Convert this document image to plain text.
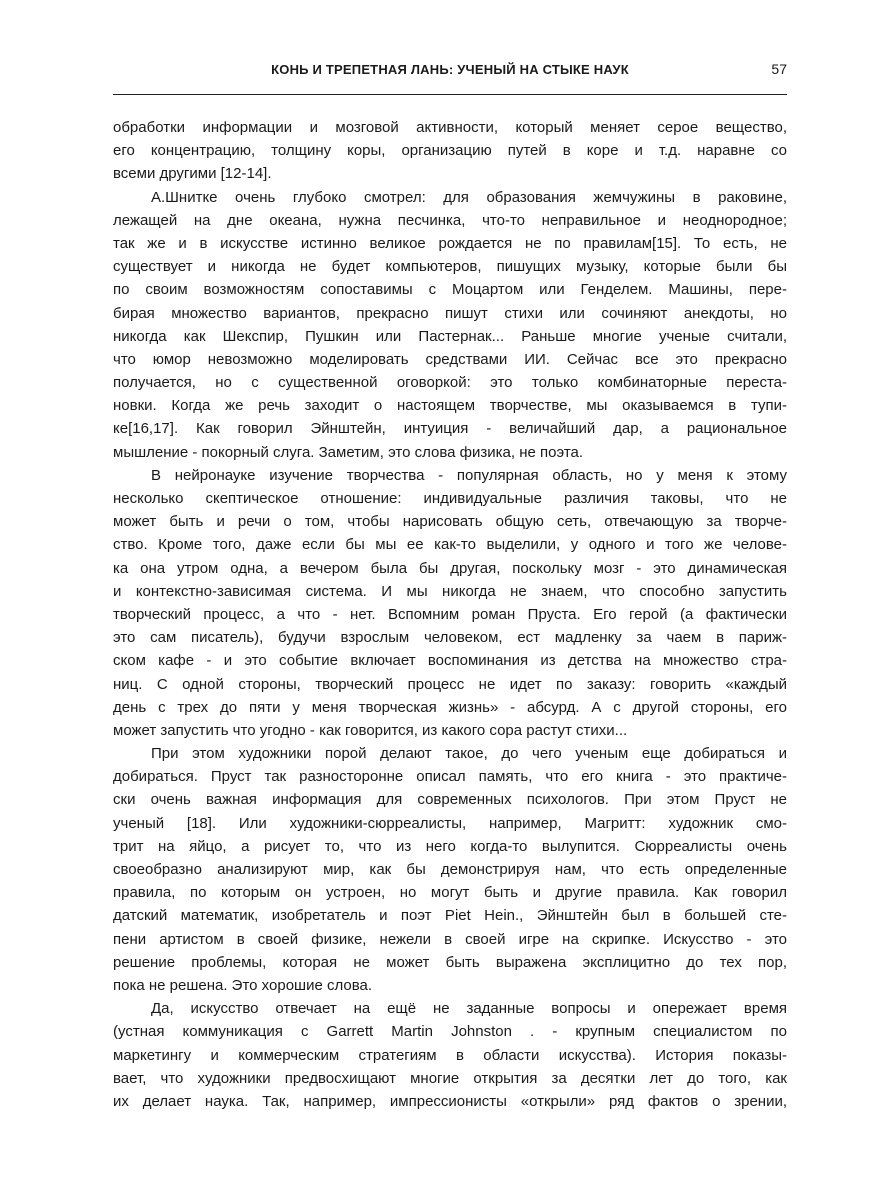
КОНЬ И ТРЕПЕТНАЯ ЛАНЬ: УЧЕНЫЙ НА СТЫКЕ НАУК	57
обработки информации и мозговой активности, который меняет серое вещество,
его концентрацию, толщину коры, организацию путей в коре и т.д. наравне со
всеми другими [12-14].
А.Шнитке очень глубоко смотрел: для образования жемчужины в раковине,
лежащей на дне океана, нужна песчинка, что-то неправильное и неоднородное;
так же и в искусстве истинно великое рождается не по правилам[15]. То есть, не
существует и никогда не будет компьютеров, пишущих музыку, которые были бы
по своим возможностям сопоставимы с Моцартом или Генделем. Машины, пере-
бирая множество вариантов, прекрасно пишут стихи или сочиняют анекдоты, но
никогда как Шекспир, Пушкин или Пастернак... Раньше многие ученые считали,
что юмор невозможно моделировать средствами ИИ. Сейчас все это прекрасно
получается, но с существенной оговоркой: это только комбинаторные переста-
новки. Когда же речь заходит о настоящем творчестве, мы оказываемся в тупи-
ке[16,17]. Как говорил Эйнштейн, интуиция - величайший дар, а рациональное
мышление - покорный слуга. Заметим, это слова физика, не поэта.
В нейронауке изучение творчества - популярная область, но у меня к этому
несколько скептическое отношение: индивидуальные различия таковы, что не
может быть и речи о том, чтобы нарисовать общую сеть, отвечающую за творче-
ство. Кроме того, даже если бы мы ее как-то выделили, у одного и того же челове-
ка она утром одна, а вечером была бы другая, поскольку мозг - это динамическая
и контекстно-зависимая система. И мы никогда не знаем, что способно запустить
творческий процесс, а что - нет. Вспомним роман Пруста. Его герой (а фактически
это сам писатель), будучи взрослым человеком, ест мадленку за чаем в париж-
ском кафе - и это событие включает воспоминания из детства на множество стра-
ниц. С одной стороны, творческий процесс не идет по заказу: говорить «каждый
день с трех до пяти у меня творческая жизнь» - абсурд. А с другой стороны, его
может запустить что угодно - как говорится, из какого сора растут стихи...
При этом художники порой делают такое, до чего ученым еще добираться и
добираться. Пруст так разносторонне описал память, что его книга - это практиче-
ски очень важная информация для современных психологов. При этом Пруст не
ученый [18]. Или художники-сюрреалисты, например, Магритт: художник смо-
трит на яйцо, а рисует то, что из него когда-то вылупится. Сюрреалисты очень
своеобразно анализируют мир, как бы демонстрируя нам, что есть определенные
правила, по которым он устроен, но могут быть и другие правила. Как говорил
датский математик, изобретатель и поэт Piet Hein., Эйнштейн был в большей сте-
пени артистом в своей физике, нежели в своей игре на скрипке. Искусство - это
решение проблемы, которая не может быть выражена эксплицитно до тех пор,
пока не решена. Это хорошие слова.
Да, искусство отвечает на ещё не заданные вопросы и опережает время
(устная коммуникация с Garrett Martin Johnston . - крупным специалистом по
маркетингу и коммерческим стратегиям в области искусства). История показы-
вает, что художники предвосхищают многие открытия за десятки лет до того, как
их делает наука. Так, например, импрессионисты «открыли» ряд фактов о зрении,
